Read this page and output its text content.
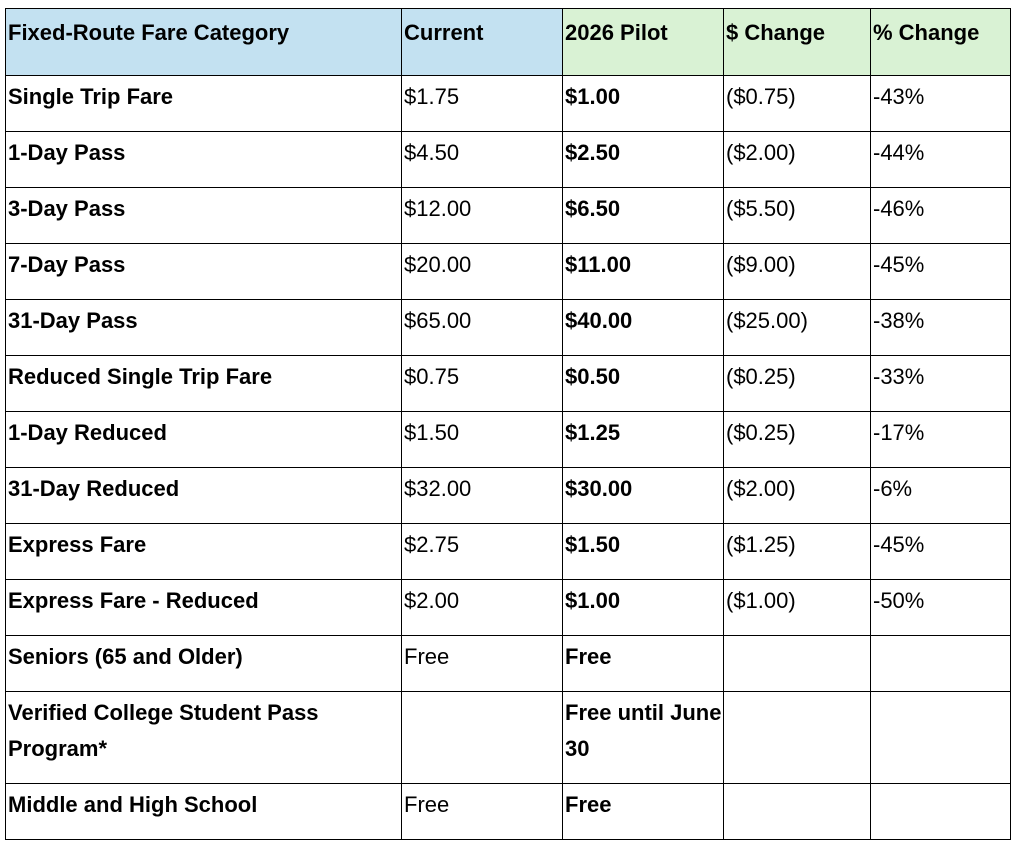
Fixed-Route Fare Category	Current	2026 Pilot	$ Change	% Change
Single Trip Fare	$1.75	$1.00	($0.75)	-43%
1-Day Pass	$4.50	$2.50	($2.00)	-44%
3-Day Pass	$12.00	$6.50	($5.50)	-46%
7-Day Pass	$20.00	$11.00	($9.00)	-45%
31-Day Pass	$65.00	$40.00	($25.00)	-38%
Reduced Single Trip Fare	$0.75	$0.50	($0.25)	-33%
1-Day Reduced	$1.50	$1.25	($0.25)	-17%
31-Day Reduced	$32.00	$30.00	($2.00)	-6%
Express Fare	$2.75	$1.50	($1.25)	-45%
Express Fare - Reduced	$2.00	$1.00	($1.00)	-50%
Seniors (65 and Older)	Free	Free		
Verified College Student Pass Program*		Free until June 30		
Middle and High School	Free	Free		
